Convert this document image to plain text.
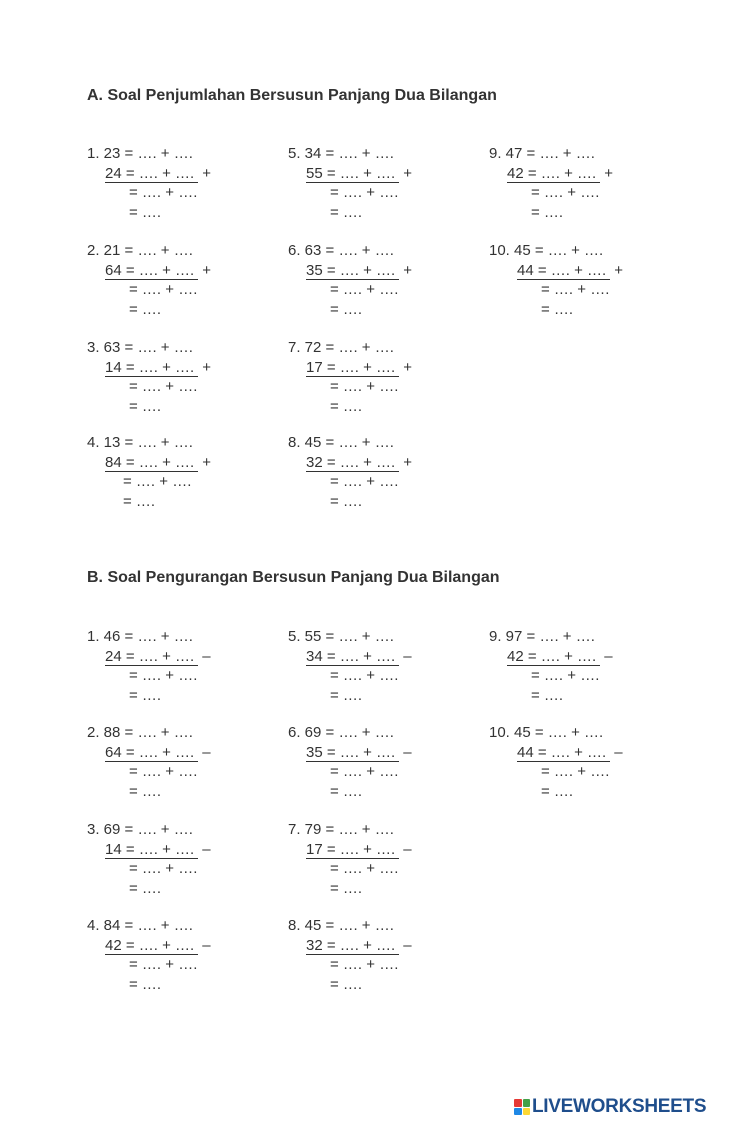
A. Soal Penjumlahan Bersusun Panjang Dua Bilangan
1. 23 = …. + ….
24 = …. + …. +
= …. + ….
= ….
2. 21 = …. + ….
64 = …. + …. +
= …. + ….
= ….
3. 63 = …. + ….
14 = …. + …. +
= …. + ….
= ….
4. 13 = …. + ….
84 = …. + …. +
= …. + ….
= ….
5. 34 = …. + ….
55 = …. + …. +
= …. + ….
= ….
6. 63 = …. + ….
35 = …. + …. +
= …. + ….
= ….
7. 72 = …. + ….
17 = …. + …. +
= …. + ….
= ….
8. 45 = …. + ….
32 = …. + …. +
= …. + ….
= ….
9. 47 = …. + ….
42 = …. + …. +
= …. + ….
= ….
10. 45 = …. + ….
44 = …. + …. +
= …. + ….
= ….
B. Soal Pengurangan Bersusun Panjang Dua Bilangan
1. 46 = …. + ….
24 = …. + …. –
= …. + ….
= ….
2. 88 = …. + ….
64 = …. + …. –
= …. + ….
= ….
3. 69 = …. + ….
14 = …. + …. –
= …. + ….
= ….
4. 84 = …. + ….
42 = …. + …. –
= …. + ….
= ….
5. 55 = …. + ….
34 = …. + …. –
= …. + ….
= ….
6. 69 = …. + ….
35 = …. + …. –
= …. + ….
= ….
7. 79 = …. + ….
17 = …. + …. –
= …. + ….
= ….
8. 45 = …. + ….
32 = …. + …. –
= …. + ….
= ….
9. 97 = …. + ….
42 = …. + …. –
= …. + ….
= ….
10. 45 = …. + ….
44 = …. + …. –
= …. + ….
= ….
LIVEWORKSHEETS
